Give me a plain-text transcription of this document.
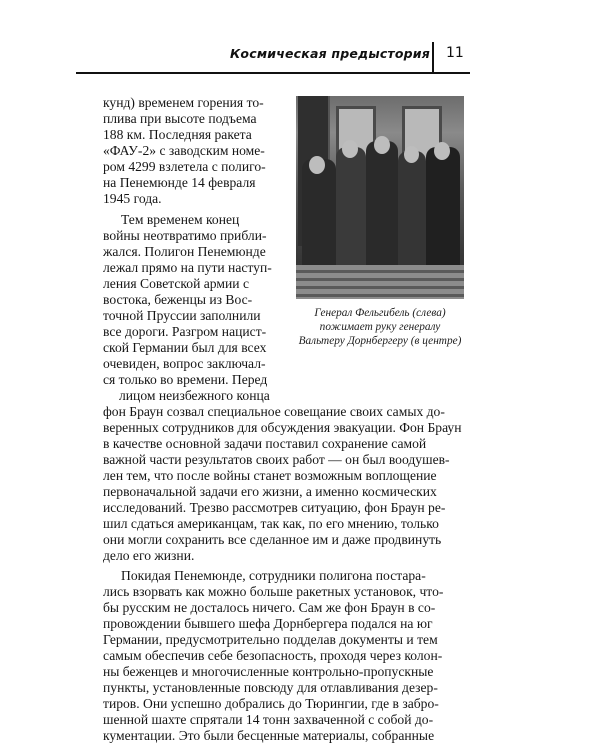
Космическая предыстория 11
Генерал Фельгибель (слева)
пожимает руку генералу
Вальтеру Дорнбергеру (в центре)
кунд) временем горения то-
плива при высоте подъема
188 км. Последняя ракета
«ФАУ-2» с заводским номе-
ром 4299 взлетела с полиго-
на Пенемюнде 14 февраля
1945 года.
Тем временем конец
войны неотвратимо прибли-
жался. Полигон Пенемюнде
лежал прямо на пути наступ-
ления Советской армии с
востока, беженцы из Вос-
точной Пруссии заполнили
все дороги. Разгром нацист-
ской Германии был для всех
очевиден, вопрос заключал-
ся только во времени. Перед
лицом неизбежного конца
фон Браун созвал специальное совещание своих самых до-
веренных сотрудников для обсуждения эвакуации. Фон Браун
в качестве основной задачи поставил сохранение самой
важной части результатов своих работ — он был воодушев-
лен тем, что после войны станет возможным воплощение
первоначальной задачи его жизни, а именно космических
исследований. Трезво рассмотрев ситуацию, фон Браун ре-
шил сдаться американцам, так как, по его мнению, только
они могли сохранить все сделанное им и даже продвинуть
дело его жизни.
Покидая Пенемюнде, сотрудники полигона постара-
лись взорвать как можно больше ракетных установок, что-
бы русским не досталось ничего. Сам же фон Браун в со-
провождении бывшего шефа Дорнбергера подался на юг
Германии, предусмотрительно подделав документы и тем
самым обеспечив себе безопасность, проходя через колон-
ны беженцев и многочисленные контрольно-пропускные
пункты, установленные повсюду для отлавливания дезер-
тиров. Они успешно добрались до Тюрингии, где в забро-
шенной шахте спрятали 14 тонн захваченной с собой до-
кументации. Это были бесценные материалы, собранные
